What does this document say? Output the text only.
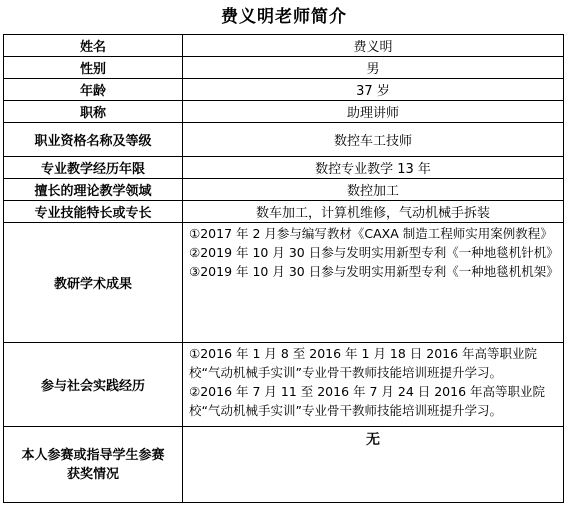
费义明老师简介
姓名	费义明
性别	男
年龄	37 岁
职称	助理讲师
职业资格名称及等级	数控车工技师
专业教学经历年限	数控专业教学 13 年
擅长的理论教学领域	数控加工
专业技能特长或专长	数车加工，计算机维修，气动机械手拆装
教研学术成果	①2017 年 2 月参与编写教材《CAXA 制造工程师实用案例教程》
②2019 年 10 月 30 日参与发明实用新型专利《一种地毯机针机》
③2019 年 10 月 30 日参与发明实用新型专利《一种地毯机机架》

参与社会实践经历	①2016 年 1 月 8 至 2016 年 1 月 18 日 2016 年高等职业院校“气动机械手实训”专业骨干教师技能培训班提升学习。
②2016 年 7 月 11 至 2016 年 7 月 24 日 2016 年高等职业院校“气动机械手实训”专业骨干教师技能培训班提升学习。

本人参赛或指导学生参赛
获奖情况	无
